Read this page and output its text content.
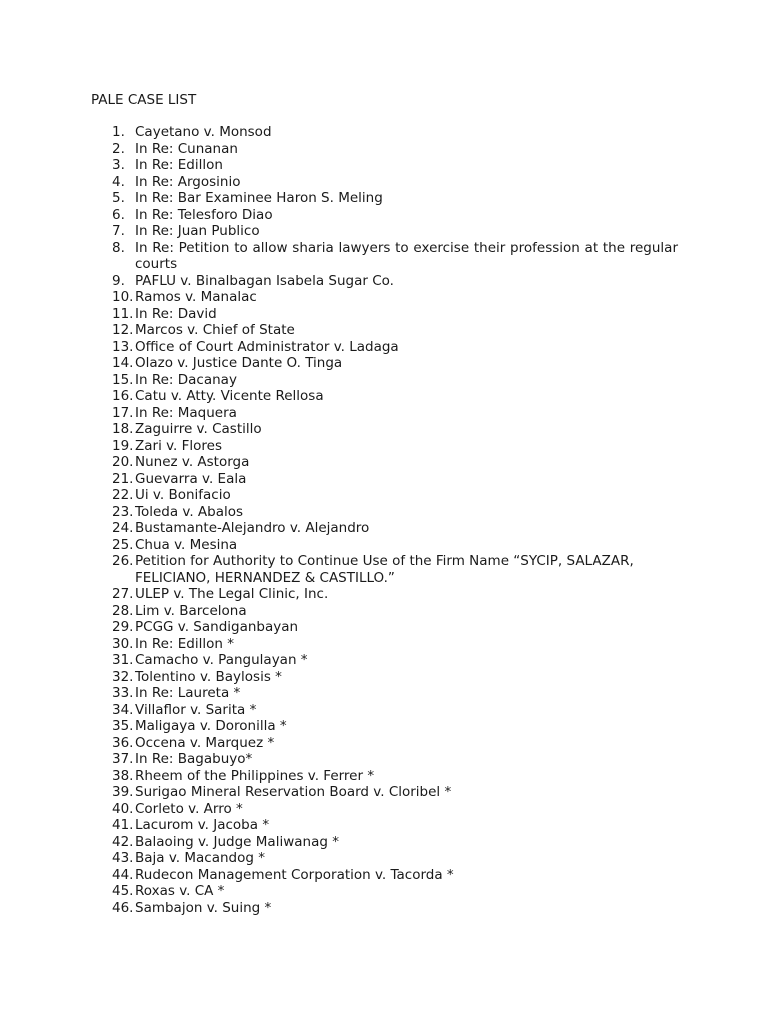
PALE CASE LIST
1. Cayetano v. Monsod
2. In Re: Cunanan
3. In Re: Edillon
4. In Re: Argosinio
5. In Re: Bar Examinee Haron S. Meling
6. In Re: Telesforo Diao
7. In Re: Juan Publico
8. In Re: Petition to allow sharia lawyers to exercise their profession at the regular courts
9. PAFLU v. Binalbagan Isabela Sugar Co.
10. Ramos v. Manalac
11. In Re: David
12. Marcos v. Chief of State
13. Office of Court Administrator v. Ladaga
14. Olazo v. Justice Dante O. Tinga
15. In Re: Dacanay
16. Catu v. Atty. Vicente Rellosa
17. In Re: Maquera
18. Zaguirre v. Castillo
19. Zari v. Flores
20. Nunez v. Astorga
21. Guevarra v. Eala
22. Ui v. Bonifacio
23. Toleda v. Abalos
24. Bustamante-Alejandro v. Alejandro
25. Chua v. Mesina
26. Petition for Authority to Continue Use of the Firm Name “SYCIP, SALAZAR, FELICIANO, HERNANDEZ & CASTILLO.”
27. ULEP v. The Legal Clinic, Inc.
28. Lim v. Barcelona
29. PCGG v. Sandiganbayan
30. In Re: Edillon *
31. Camacho v. Pangulayan *
32. Tolentino v. Baylosis *
33. In Re: Laureta *
34. Villaflor v. Sarita *
35. Maligaya v. Doronilla *
36. Occena v. Marquez *
37. In Re: Bagabuyo*
38. Rheem of the Philippines v. Ferrer *
39. Surigao Mineral Reservation Board v. Cloribel *
40. Corleto v. Arro *
41. Lacurom v. Jacoba *
42. Balaoing v. Judge Maliwanag *
43. Baja v. Macandog *
44. Rudecon Management Corporation v. Tacorda *
45. Roxas v. CA *
46. Sambajon v. Suing *
